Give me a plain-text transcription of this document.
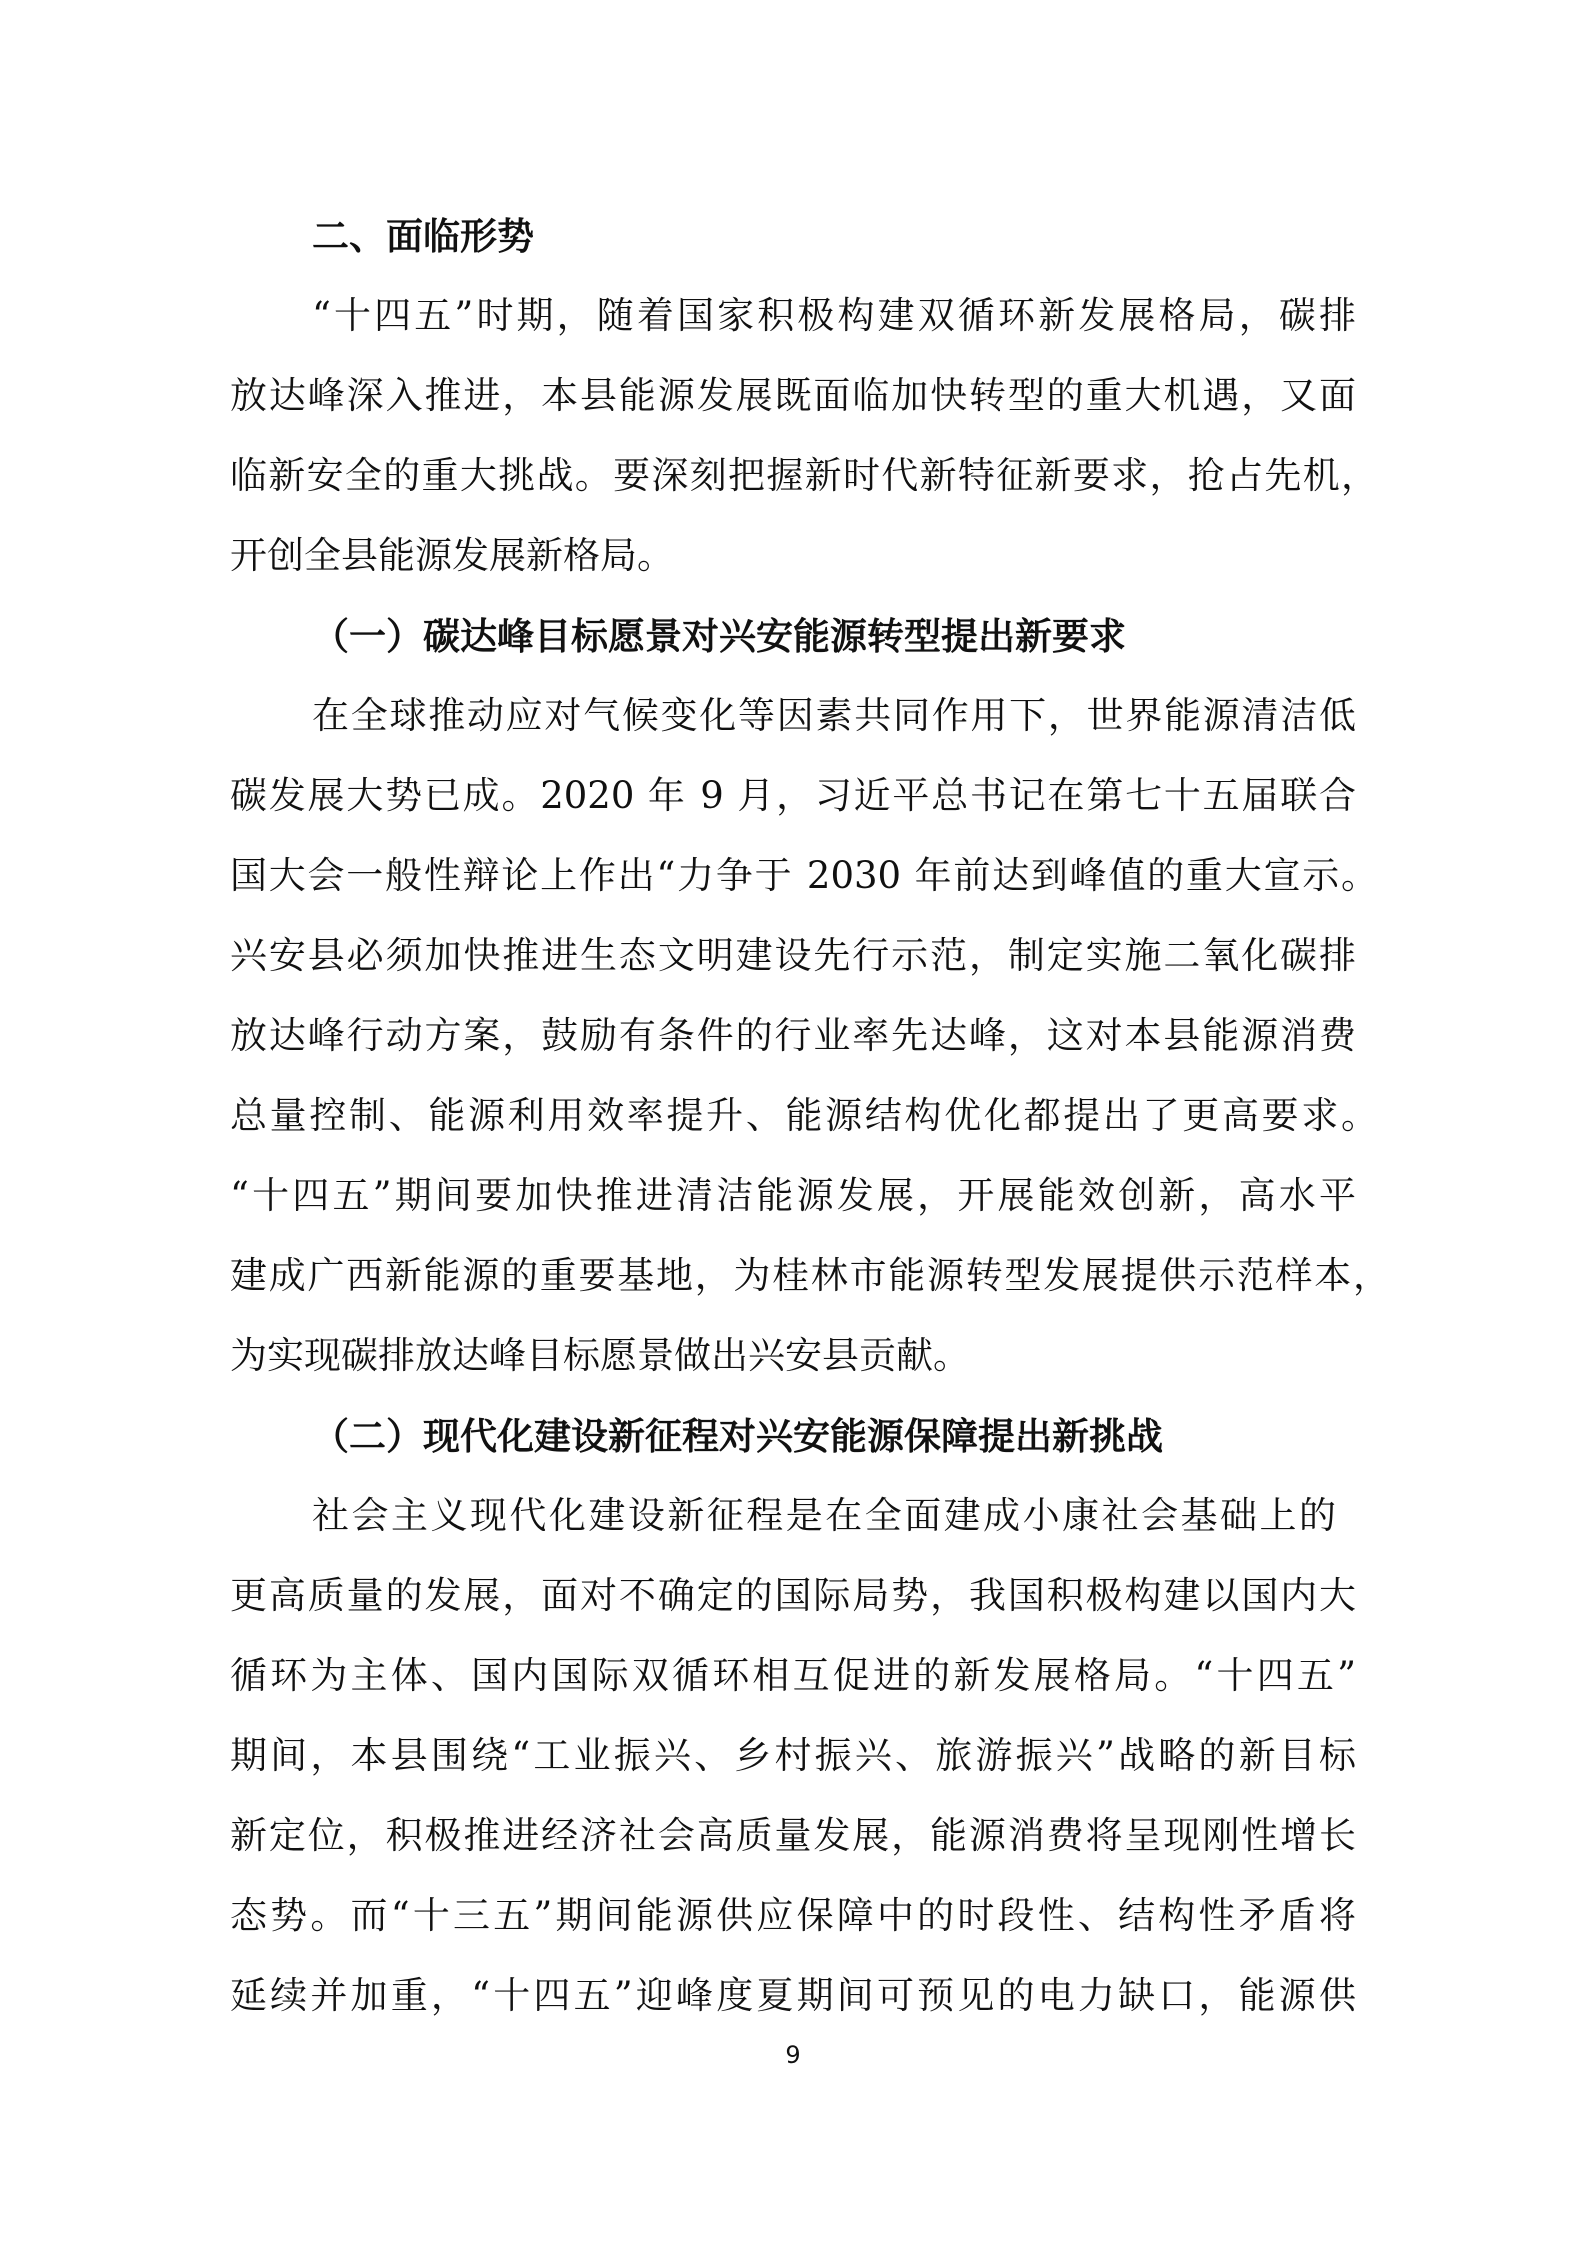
二、面临形势
“十四五”时期，随着国家积极构建双循环新发展格局，碳排
放达峰深入推进，本县能源发展既面临加快转型的重大机遇，又面
临新安全的重大挑战。要深刻把握新时代新特征新要求，抢占先机，
开创全县能源发展新格局。
（一）碳达峰目标愿景对兴安能源转型提出新要求
在全球推动应对气候变化等因素共同作用下，世界能源清洁低
碳发展大势已成。2020 年 9 月，习近平总书记在第七十五届联合
国大会一般性辩论上作出“力争于 2030 年前达到峰值的重大宣示。
兴安县必须加快推进生态文明建设先行示范，制定实施二氧化碳排
放达峰行动方案，鼓励有条件的行业率先达峰，这对本县能源消费
总量控制、能源利用效率提升、能源结构优化都提出了更高要求。
“十四五”期间要加快推进清洁能源发展，开展能效创新，高水平
建成广西新能源的重要基地，为桂林市能源转型发展提供示范样本，
为实现碳排放达峰目标愿景做出兴安县贡献。
（二）现代化建设新征程对兴安能源保障提出新挑战
社会主义现代化建设新征程是在全面建成小康社会基础上的
更高质量的发展，面对不确定的国际局势，我国积极构建以国内大
循环为主体、国内国际双循环相互促进的新发展格局。“十四五”
期间，本县围绕“工业振兴、乡村振兴、旅游振兴”战略的新目标
新定位，积极推进经济社会高质量发展，能源消费将呈现刚性增长
态势。而“十三五”期间能源供应保障中的时段性、结构性矛盾将
延续并加重，“十四五”迎峰度夏期间可预见的电力缺口，能源供
9
